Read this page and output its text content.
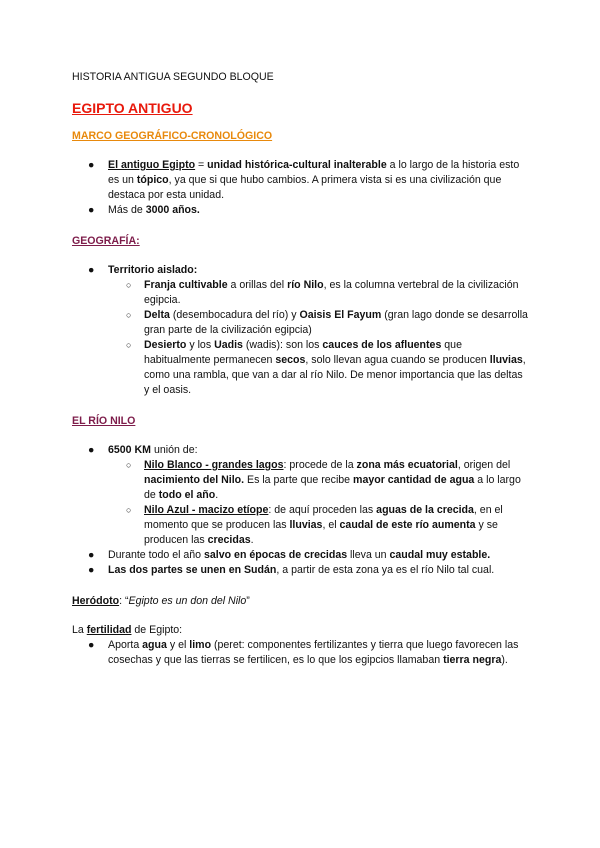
HISTORIA ANTIGUA SEGUNDO BLOQUE

EGIPTO ANTIGUO

MARCO GEOGRÁFICO-CRONOLÓGICO

● El antiguo Egipto = unidad histórica-cultural inalterable a lo largo de la historia esto es un tópico, ya que si que hubo cambios. A primera vista si es una civilización que destaca por esta unidad.
● Más de 3000 años.

GEOGRAFÍA:

● Territorio aislado:
○ Franja cultivable a orillas del río Nilo, es la columna vertebral de la civilización egipcia.
○ Delta (desembocadura del río) y Oaisis El Fayum (gran lago donde se desarrolla gran parte de la civilización egipcia)
○ Desierto y los Uadis (wadis): son los cauces de los afluentes que habitualmente permanecen secos, solo llevan agua cuando se producen lluvias, como una rambla, que van a dar al río Nilo. De menor importancia que las deltas y el oasis.

EL RÍO NILO

● 6500 KM unión de:
○ Nilo Blanco - grandes lagos: procede de la zona más ecuatorial, origen del nacimiento del Nilo. Es la parte que recibe mayor cantidad de agua a lo largo de todo el año.
○ Nilo Azul - macizo etíope: de aquí proceden las aguas de la crecida, en el momento que se producen las lluvias, el caudal de este río aumenta y se producen las crecidas.
● Durante todo el año salvo en épocas de crecidas lleva un caudal muy estable.
● Las dos partes se unen en Sudán, a partir de esta zona ya es el río Nilo tal cual.

Heródoto: “Egipto es un don del Nilo”

La fertilidad de Egipto:

● Aporta agua y el limo (peret: componentes fertilizantes y tierra que luego favorecen las cosechas y que las tierras se fertilicen, es lo que los egipcios llamaban tierra negra).
